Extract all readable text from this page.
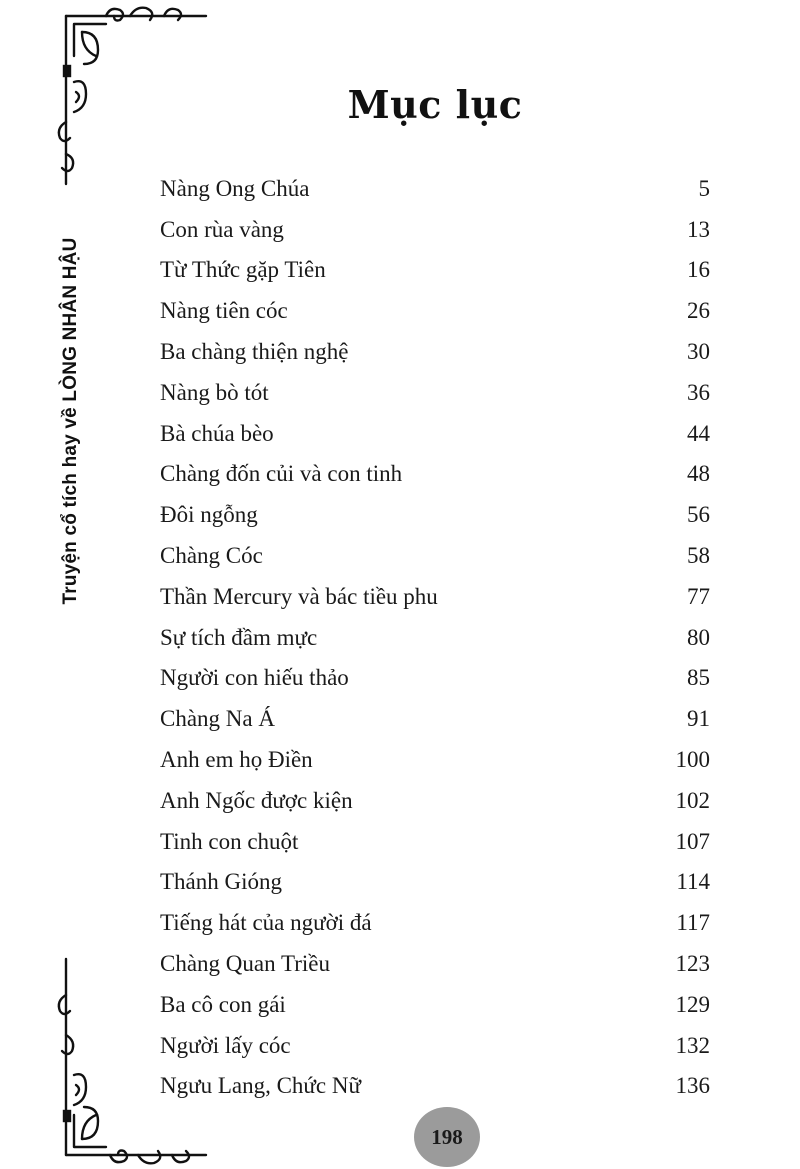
Truyện cổ tích hay về LÒNG NHÂN HẬU
Mục lục
Nàng Ong Chúa	5
Con rùa vàng	13
Từ Thức gặp Tiên	16
Nàng tiên cóc	26
Ba chàng thiện nghệ	30
Nàng bò tót	36
Bà chúa bèo	44
Chàng đốn củi và con tinh	48
Đôi ngỗng	56
Chàng Cóc	58
Thần Mercury và bác tiều phu	77
Sự tích đầm mực	80
Người con hiếu thảo	85
Chàng Na Á	91
Anh em họ Điền	100
Anh Ngốc được kiện	102
Tinh con chuột	107
Thánh Gióng	114
Tiếng hát của người đá	117
Chàng Quan Triều	123
Ba cô con gái	129
Người lấy cóc	132
Ngưu Lang, Chức Nữ	136
198
